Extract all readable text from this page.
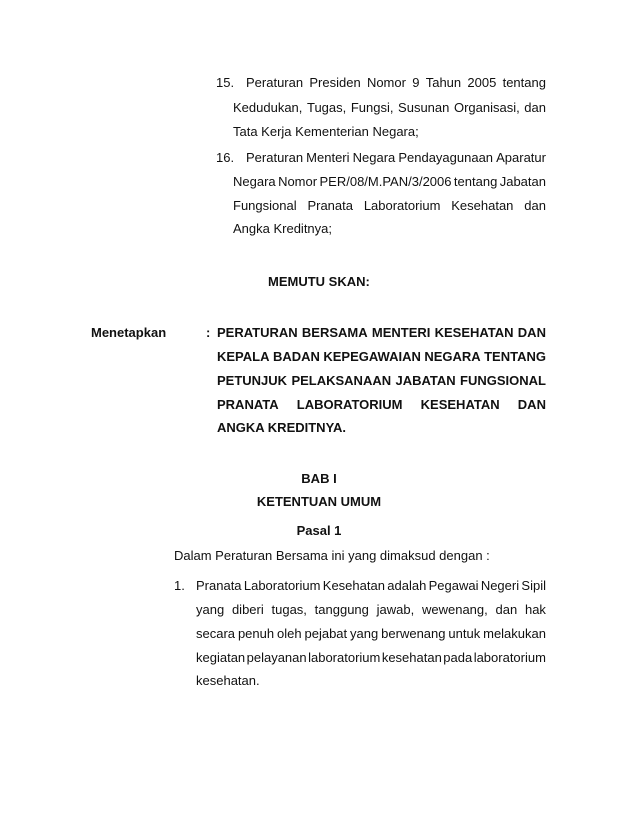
15. Peraturan Presiden Nomor 9 Tahun 2005 tentang
Kedudukan, Tugas, Fungsi, Susunan Organisasi, dan
Tata Kerja Kementerian Negara;
16. Peraturan Menteri Negara Pendayagunaan Aparatur
Negara Nomor PER/08/M.PAN/3/2006 tentang Jabatan
Fungsional Pranata Laboratorium Kesehatan dan
Angka Kreditnya;
MEMUTU SKAN:
Menetapkan	: PERATURAN BERSAMA MENTERI KESEHATAN DAN
KEPALA BADAN KEPEGAWAIAN NEGARA TENTANG
PETUNJUK PELAKSANAAN JABATAN FUNGSIONAL
PRANATA LABORATORIUM KESEHATAN DAN
ANGKA KREDITNYA.
BAB I
KETENTUAN UMUM
Pasal 1
Dalam Peraturan Bersama ini yang dimaksud dengan :
1. Pranata Laboratorium Kesehatan adalah Pegawai Negeri Sipil
yang diberi tugas, tanggung jawab, wewenang, dan hak
secara penuh oleh pejabat yang berwenang untuk melakukan
kegiatan pelayanan laboratorium kesehatan pada laboratorium
kesehatan.
